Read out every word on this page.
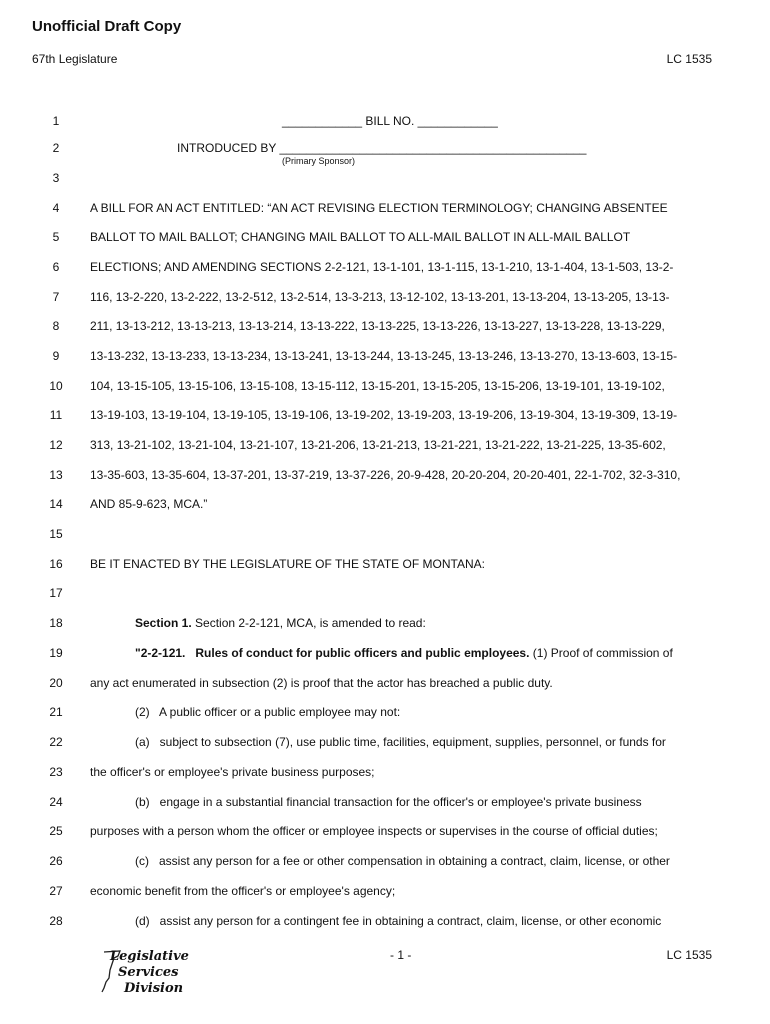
Unofficial Draft Copy
67th Legislature	LC 1535
1	____________ BILL NO. ____________
2	INTRODUCED BY ______________________________________________
(Primary Sponsor)
3
4	A BILL FOR AN ACT ENTITLED: “AN ACT REVISING ELECTION TERMINOLOGY; CHANGING ABSENTEE
5	BALLOT TO MAIL BALLOT; CHANGING MAIL BALLOT TO ALL-MAIL BALLOT IN ALL-MAIL BALLOT
6	ELECTIONS; AND AMENDING SECTIONS 2-2-121, 13-1-101, 13-1-115, 13-1-210, 13-1-404, 13-1-503, 13-2-
7	116, 13-2-220, 13-2-222, 13-2-512, 13-2-514, 13-3-213, 13-12-102, 13-13-201, 13-13-204, 13-13-205, 13-13-
8	211, 13-13-212, 13-13-213, 13-13-214, 13-13-222, 13-13-225, 13-13-226, 13-13-227, 13-13-228, 13-13-229,
9	13-13-232, 13-13-233, 13-13-234, 13-13-241, 13-13-244, 13-13-245, 13-13-246, 13-13-270, 13-13-603, 13-15-
10	104, 13-15-105, 13-15-106, 13-15-108, 13-15-112, 13-15-201, 13-15-205, 13-15-206, 13-19-101, 13-19-102,
11	13-19-103, 13-19-104, 13-19-105, 13-19-106, 13-19-202, 13-19-203, 13-19-206, 13-19-304, 13-19-309, 13-19-
12	313, 13-21-102, 13-21-104, 13-21-107, 13-21-206, 13-21-213, 13-21-221, 13-21-222, 13-21-225, 13-35-602,
13	13-35-603, 13-35-604, 13-37-201, 13-37-219, 13-37-226, 20-9-428, 20-20-204, 20-20-401, 22-1-702, 32-3-310,
14	AND 85-9-623, MCA.”
15
16	BE IT ENACTED BY THE LEGISLATURE OF THE STATE OF MONTANA:
17
18	Section 1. Section 2-2-121, MCA, is amended to read:
19	"2-2-121.   Rules of conduct for public officers and public employees. (1) Proof of commission of
20	any act enumerated in subsection (2) is proof that the actor has breached a public duty.
21	(2)   A public officer or a public employee may not:
22	(a)   subject to subsection (7), use public time, facilities, equipment, supplies, personnel, or funds for
23	the officer's or employee's private business purposes;
24	(b)   engage in a substantial financial transaction for the officer's or employee's private business
25	purposes with a person whom the officer or employee inspects or supervises in the course of official duties;
26	(c)   assist any person for a fee or other compensation in obtaining a contract, claim, license, or other
27	economic benefit from the officer's or employee's agency;
28	(d)   assist any person for a contingent fee in obtaining a contract, claim, license, or other economic
Legislative
Services
Division
- 1 -	LC 1535
